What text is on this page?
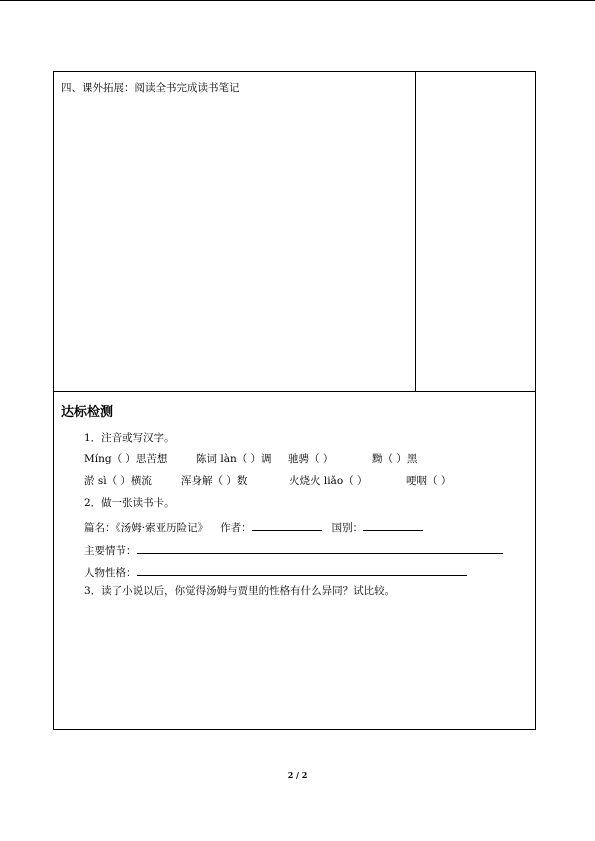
四、课外拓展：阅读全书完成读书笔记
达标检测
1．注音或写汉字。
Míng（ ）思苦想	陈词 làn（ ）调 驰骋（ ）	黝（ ）黑
淤 sì（ ）横流	浑身解（ ）数	火烧火 liǎo（ ）	哽咽（ ）
2．做一张读书卡。
篇名：《汤姆·索亚历险记》 作者：	国别：
主要情节：
人物性格：
3．读了小说以后，你觉得汤姆与贾里的性格有什么异同？试比较。
2 / 2
